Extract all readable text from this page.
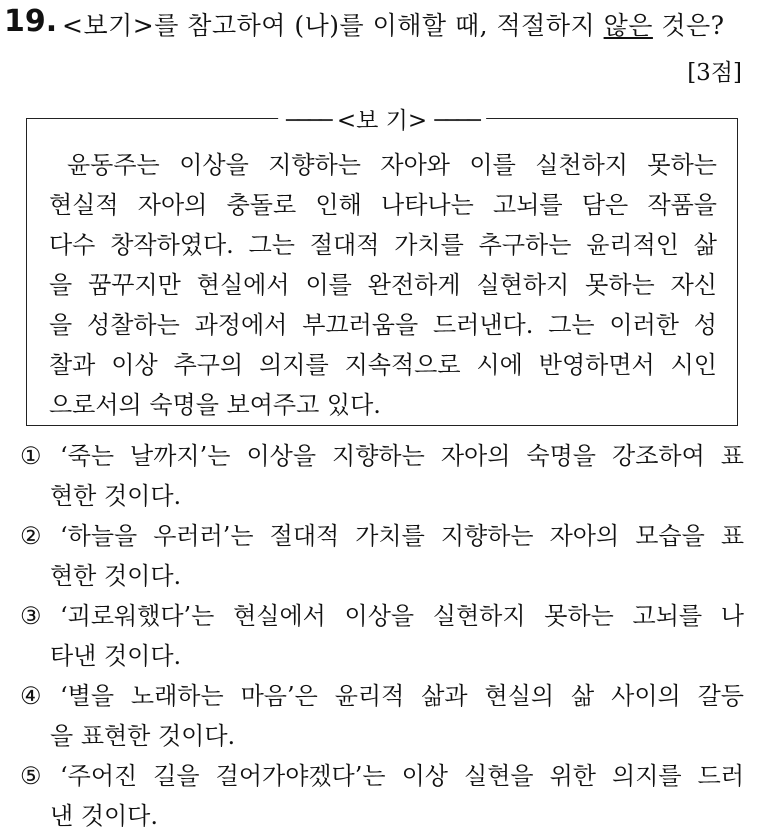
19. <보기>를 참고하여 (나)를 이해할 때, 적절하지 않은 것은?
[3점]
──── <보 기> ────

윤동주는 이상을 지향하는 자아와 이를 실천하지 못하는
현실적 자아의 충돌로 인해 나타나는 고뇌를 담은 작품을
다수 창작하였다. 그는 절대적 가치를 추구하는 윤리적인 삶
을 꿈꾸지만 현실에서 이를 완전하게 실현하지 못하는 자신
을 성찰하는 과정에서 부끄러움을 드러낸다. 그는 이러한 성
찰과 이상 추구의 의지를 지속적으로 시에 반영하면서 시인
으로서의 숙명을 보여주고 있다.

① ‘죽는 날까지’는 이상을 지향하는 자아의 숙명을 강조하여 표
현한 것이다.
② ‘하늘을 우러러’는 절대적 가치를 지향하는 자아의 모습을 표
현한 것이다.
③ ‘괴로워했다’는 현실에서 이상을 실현하지 못하는 고뇌를 나
타낸 것이다.
④ ‘별을 노래하는 마음’은 윤리적 삶과 현실의 삶 사이의 갈등
을 표현한 것이다.
⑤ ‘주어진 길을 걸어가야겠다’는 이상 실현을 위한 의지를 드러
낸 것이다.
